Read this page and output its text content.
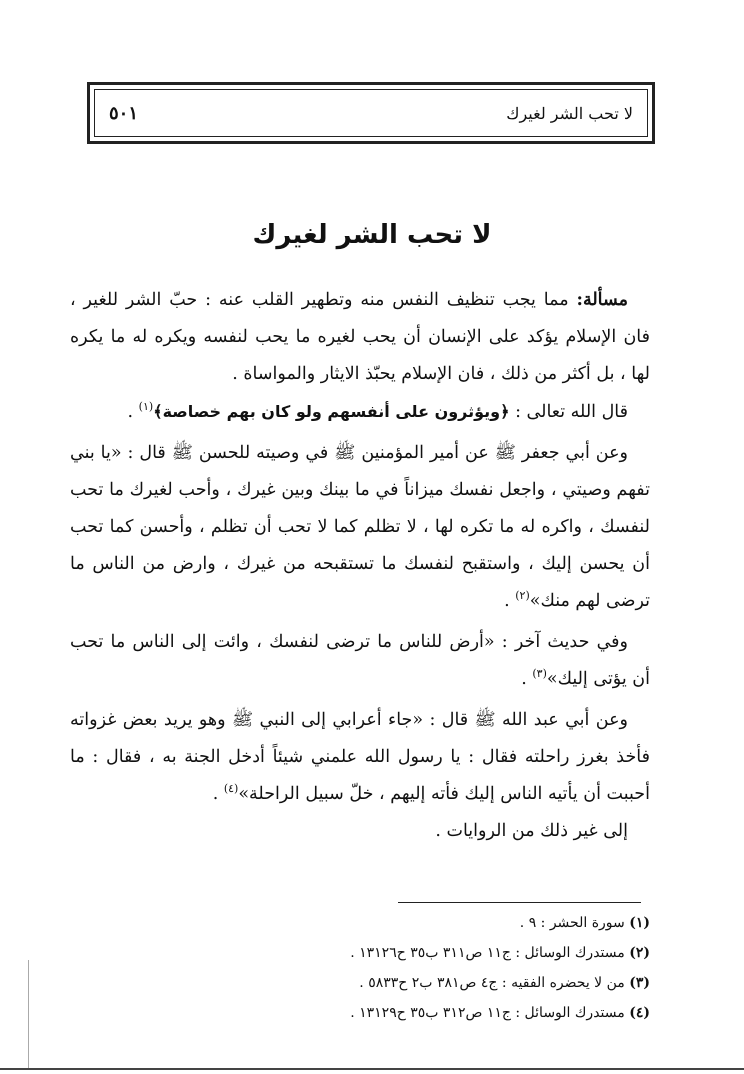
لا تحب الشر لغيرك
٥٠١
لا تحب الشر لغيرك

مسألة: مما يجب تنظيف النفس منه وتطهير القلب عنه : حبّ الشر للغير ، فان الإسلام يؤكد على الإنسان أن يحب لغيره ما يحب لنفسه ويكره له ما يكره لها ، بل أكثر من ذلك ، فان الإسلام يحبّذ الايثار والمواساة .

قال الله تعالى : ﴿ويؤثرون على أنفسهم ولو كان بهم خصاصة﴾$^{(١)}$ .

وعن أبي جعفر ﷺ عن أمير المؤمنين ﷺ في وصيته للحسن ﷺ قال : «يا بني تفهم وصيتي ، واجعل نفسك ميزاناً في ما بينك وبين غيرك ، وأحب لغيرك ما تحب لنفسك ، واكره له ما تكره لها ، لا تظلم كما لا تحب أن تظلم ، وأحسن كما تحب أن يحسن إليك ، واستقبح لنفسك ما تستقبحه من غيرك ، وارض من الناس ما ترضى لهم منك»$^{(٢)}$ .

وفي حديث آخر : «أرض للناس ما ترضى لنفسك ، وائت إلى الناس ما تحب أن يؤتى إليك»$^{(٣)}$ .

وعن أبي عبد الله ﷺ قال : «جاء أعرابي إلى النبي ﷺ وهو يريد بعض غزواته فأخذ بغرز راحلته فقال : يا رسول الله علمني شيئاً أدخل الجنة به ، فقال : ما أحببت أن يأتيه الناس إليك فأته إليهم ، خلّ سبيل الراحلة»$^{(٤)}$ .

إلى غير ذلك من الروايات .

(١) سورة الحشر : ٩ .
(٢) مستدرك الوسائل : ج١١ ص٣١١ ب٣٥ ح١٣١٢٦ .
(٣) من لا يحضره الفقيه : ج٤ ص٣٨١ ب٢ ح٥٨٣٣ .
(٤) مستدرك الوسائل : ج١١ ص٣١٢ ب٣٥ ح١٣١٢٩ .
